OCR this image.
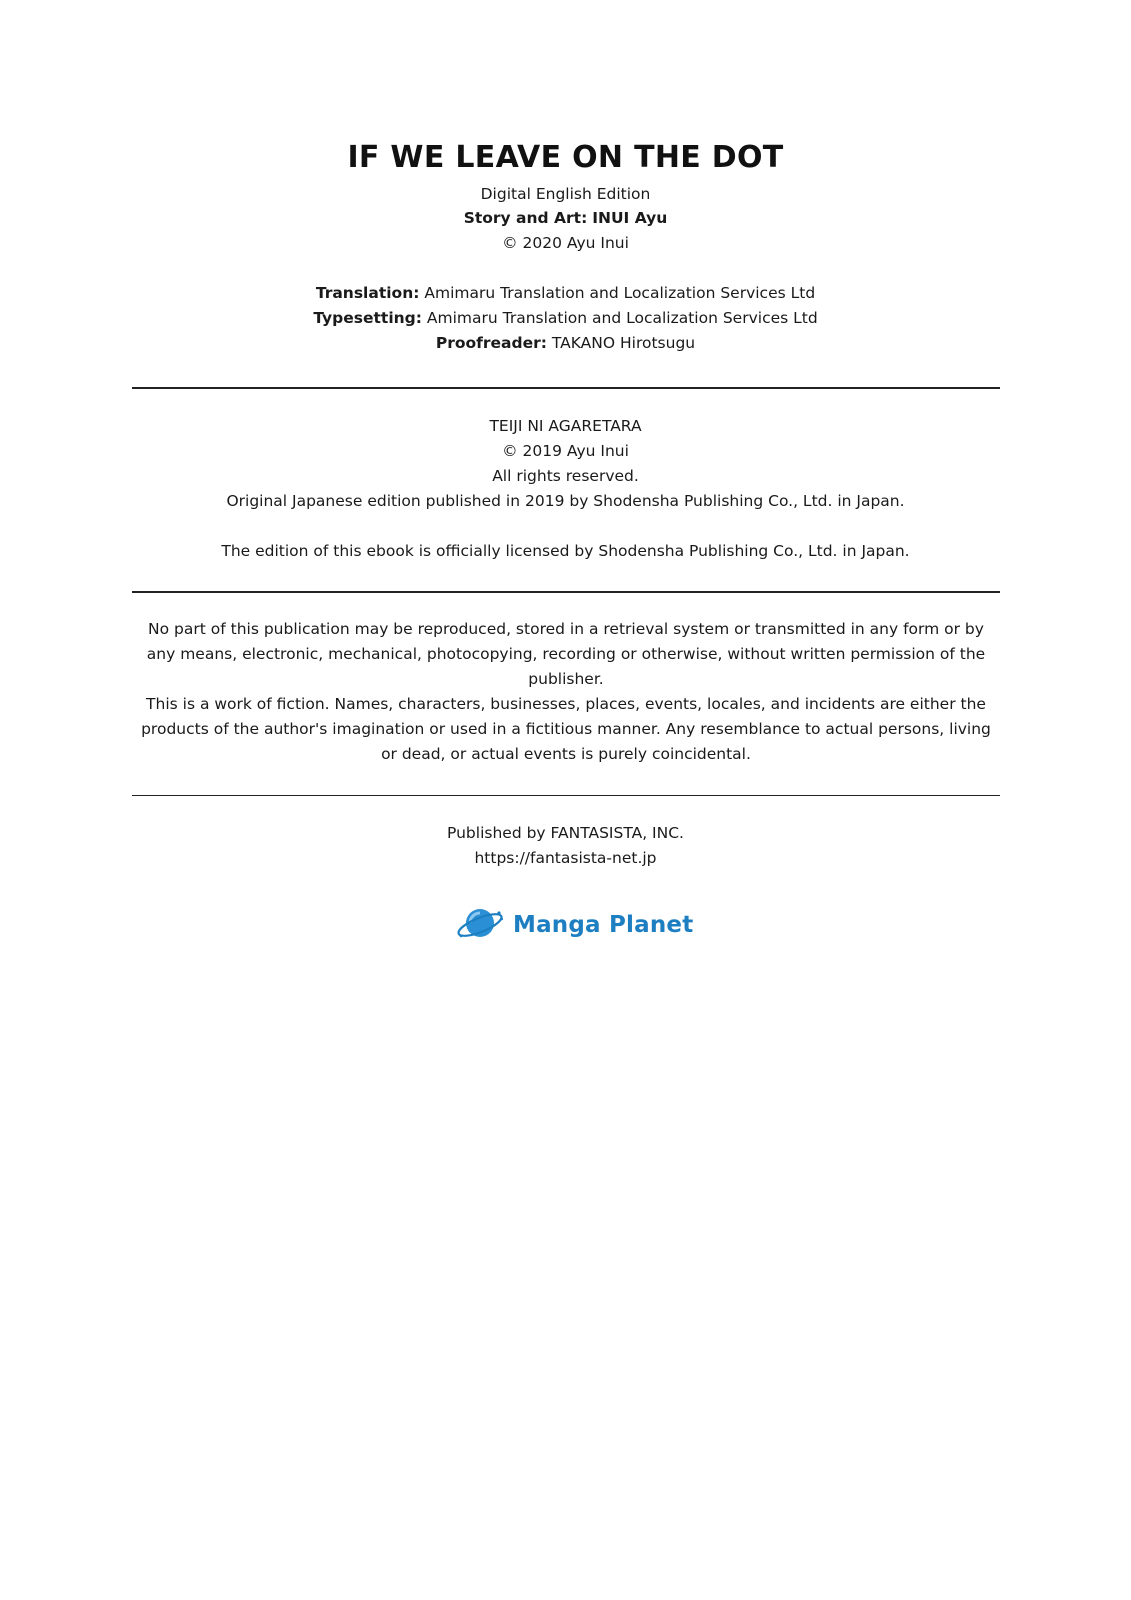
IF WE LEAVE ON THE DOT
Digital English Edition
Story and Art: INUI Ayu
© 2020 Ayu Inui
Translation: Amimaru Translation and Localization Services Ltd
Typesetting: Amimaru Translation and Localization Services Ltd
Proofreader: TAKANO Hirotsugu
TEIJI NI AGARETARA
© 2019 Ayu Inui
All rights reserved.
Original Japanese edition published in 2019 by Shodensha Publishing Co., Ltd. in Japan.
The edition of this ebook is officially licensed by Shodensha Publishing Co., Ltd. in Japan.
No part of this publication may be reproduced, stored in a retrieval system or transmitted in any form or by any means, electronic, mechanical, photocopying, recording or otherwise, without written permission of the publisher.
This is a work of fiction. Names, characters, businesses, places, events, locales, and incidents are either the products of the author's imagination or used in a fictitious manner. Any resemblance to actual persons, living or dead, or actual events is purely coincidental.
Published by FANTASISTA, INC.
https://fantasista-net.jp
Manga Planet
